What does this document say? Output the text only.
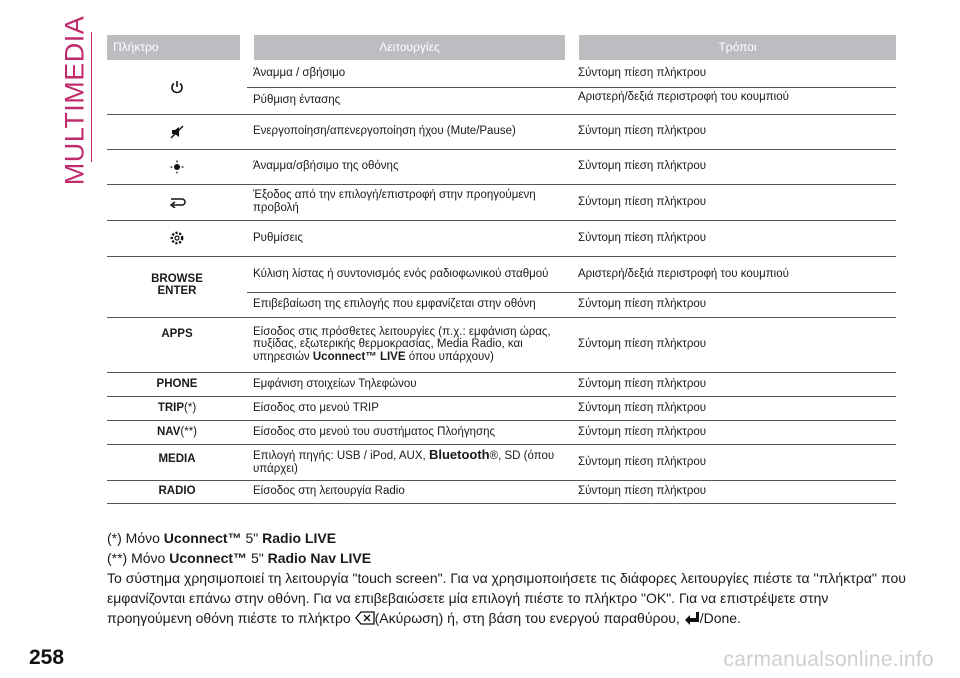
MULTIMEDIA Πλήκτρο	Λειτουργίες	Τρόποι
	Άναμμα / σβήσιμο	Σύντομη πίεση πλήκτρου
	Ρύθμιση έντασης	Αριστερή/δεξιά περιστροφή του κουμπιού
	Ενεργοποίηση/απενεργοποίηση ήχου (Mute/Pause)	Σύντομη πίεση πλήκτρου
	Άναμμα/σβήσιμο της οθόνης	Σύντομη πίεση πλήκτρου
	Έξοδος από την επιλογή/επιστροφή στην προηγούμενη προβολή	Σύντομη πίεση πλήκτρου
	Ρυθμίσεις	Σύντομη πίεση πλήκτρου
BROWSE ENTER	Κύλιση λίστας ή συντονισμός ενός ραδιοφωνικού σταθμού	Αριστερή/δεξιά περιστροφή του κουμπιού
	Επιβεβαίωση της επιλογής που εμφανίζεται στην οθόνη	Σύντομη πίεση πλήκτρου
APPS	Είσοδος στις πρόσθετες λειτουργίες (π.χ.: εμφάνιση ώρας, πυξίδας, εξωτερικής θερμοκρασίας, Media Radio, και υπηρεσιών Uconnect™ LIVE όπου υπάρχουν)	Σύντομη πίεση πλήκτρου
PHONE	Εμφάνιση στοιχείων Τηλεφώνου	Σύντομη πίεση πλήκτρου
TRIP(*)	Είσοδος στο μενού TRIP	Σύντομη πίεση πλήκτρου
NAV(**)	Είσοδος στο μενού του συστήματος Πλοήγησης	Σύντομη πίεση πλήκτρου
MEDIA	Επιλογή πηγής: USB / iPod, AUX, Bluetooth®, SD (όπου υπάρχει)	Σύντομη πίεση πλήκτρου
RADIO	Είσοδος στη λειτουργία Radio	Σύντομη πίεση πλήκτρου
(*) Μόνο Uconnect™ 5" Radio LIVE
(**) Μόνο Uconnect™ 5" Radio Nav LIVE
Το σύστημα χρησιμοποιεί τη λειτουργία "touch screen". Για να χρησιμοποιήσετε τις διάφορες λειτουργίες πιέστε τα ''πλήκτρα'' που εμφανίζονται επάνω στην οθόνη. Για να επιβεβαιώσετε μία επιλογή πιέστε το πλήκτρο "OK". Για να επιστρέψετε στην προηγούμενη οθόνη πιέστε το πλήκτρο (Ακύρωση) ή, στη βάση του ενεργού παραθύρου, /Done.
258	carmanualsonline.info
